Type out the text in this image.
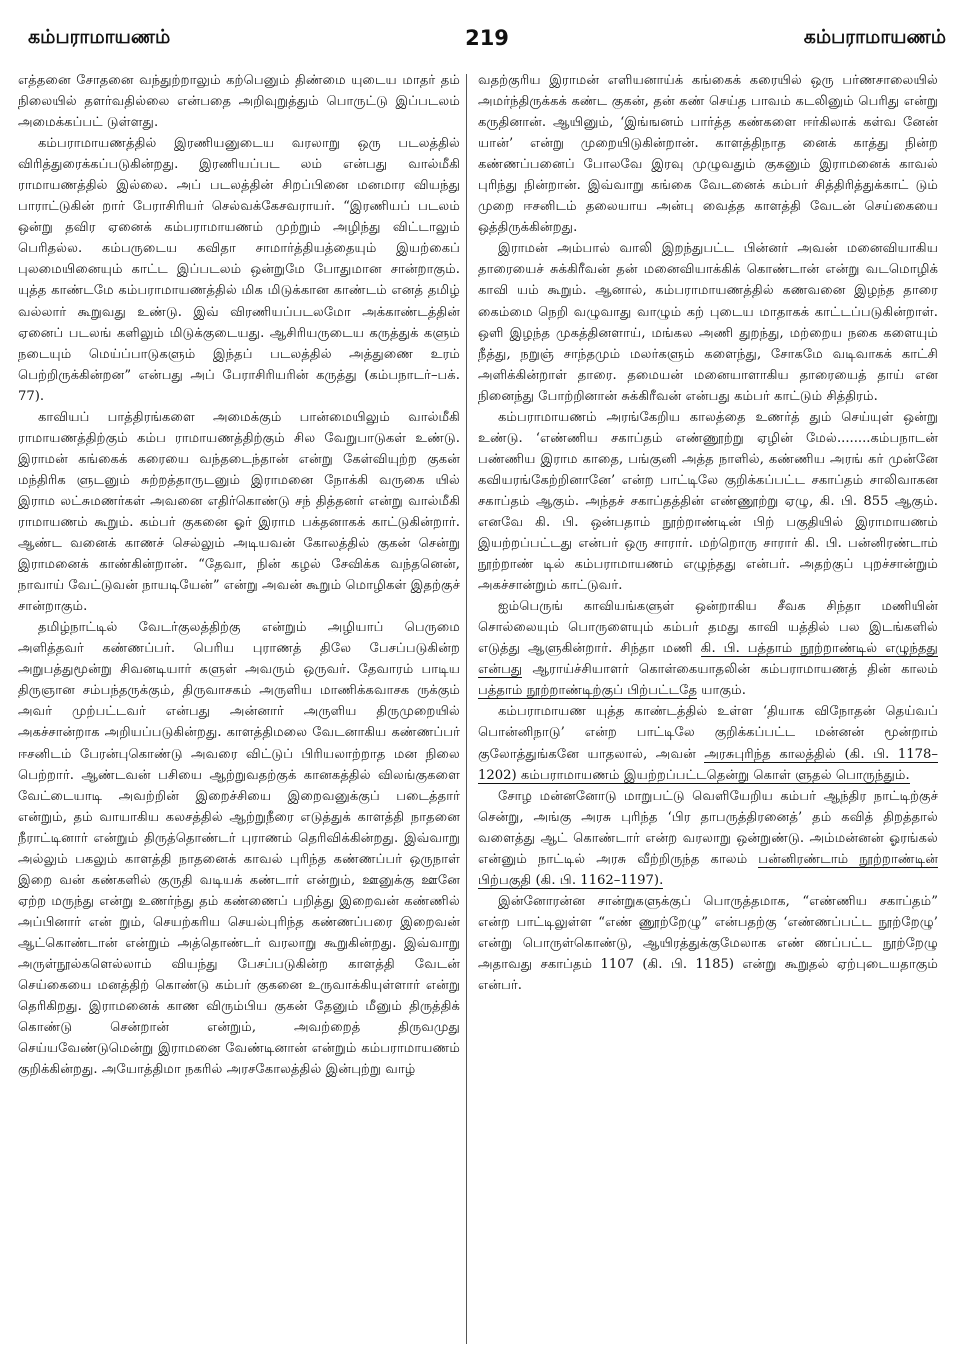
கம்பராமாயணம்	219	கம்பராமாயணம்

எத்தனை சோதனை வந்துற்றாலும் கற்பெனும் திண்மை யுடைய மாதர் தம் நிலையில் தளர்வதில்லை என்பதை அறிவுறுத்தும் பொருட்டு இப்படலம் அமைக்கப்பட் டுள்ளது.

கம்பராமாயணத்தில் இரணியனுடைய வரலாறு ஒரு படலத்தில் விரித்துரைக்கப்படுகின்றது. இரணியப்பட லம் என்பது வால்மீகி ராமாயணத்தில் இல்லை. அப் படலத்தின் சிறப்பினை மனமார வியந்து பாராட்டுகின் றார் பேராசிரியர் செல்வக்கேசவராயர். “இரணியப் படலம் ஒன்று தவிர ஏனைக் கம்பராமாயணம் முற்றும் அழிந்து விட்டாலும் பெரிதல்ல. கம்பருடைய கவிதா சாமார்த்தியத்தையும் இயற்கைப் புலமையினையும் காட்ட இப்படலம் ஒன்றுமே போதுமான சான்றாகும். யுத்த காண்டமே கம்பராமாயணத்தில் மிக மிடுக்கான காண்டம் எனத் தமிழ் வல்லார் கூறுவது உண்டு. இவ் விரணியப்படலமோ அக்காண்டத்தின் ஏனைப் படலங் களிலும் மிடுக்குடையது. ஆசிரியருடைய கருத்துக் களும் நடையும் மெய்ப்பாடுகளும் இந்தப் படலத்தில் அத்துணை உரம் பெற்றிருக்கின்றன” என்பது அப் பேராசிரியரின் கருத்து (கம்பநாடர்–பக். 77).

காவியப் பாத்திரங்களை அமைக்கும் பான்மையிலும் வால்மீகி ராமாயணத்திற்கும் கம்ப ராமாயணத்திற்கும் சில வேறுபாடுகள் உண்டு. இராமன் கங்கைக் கரையை வந்தடைந்தான் என்று கேள்வியுற்ற குகன் மந்திரிக ளுடனும் சுற்றத்தாருடனும் இராமனை நோக்கி வருகை யில் இராம லட்சுமணர்கள் அவனை எதிர்கொண்டு சந் தித்தனர் என்று வால்மீகி ராமாயணம் கூறும். கம்பர் குகனை ஓர் இராம பக்தனாகக் காட்டுகின்றார். ஆண்ட வனைக் காணச் செல்லும் அடியவன் கோலத்தில் குகன் சென்று இராமனைக் காண்கின்றான். “தேவா, நின் கழல் சேவிக்க வந்தனென், நாவாய் வேட்டுவன் நாயடியேன்” என்று அவன் கூறும் மொழிகள் இதற்குச் சான்றாகும்.

தமிழ்நாட்டில் வேடர்குலத்திற்கு என்றும் அழியாப் பெருமை அளித்தவர் கண்ணப்பர். பெரிய புராணத் திலே பேசப்படுகின்ற அறுபத்துமூன்று சிவனடியார் களுள் அவரும் ஒருவர். தேவாரம் பாடிய திருஞான சம்பந்தருக்கும், திருவாசகம் அருளிய மாணிக்கவாசக ருக்கும் அவர் முற்பட்டவர் என்பது அன்னார் அருளிய திருமுறையில் அகச்சான்றாக அறியப்படுகின்றது. காளத்திமலை வேடனாகிய கண்ணப்பர் ஈசனிடம் பேரன்புகொண்டு அவரை விட்டுப் பிரியலாற்றாத மன நிலை பெற்றார். ஆண்டவன் பசியை ஆற்றுவதற்குக் கானகத்தில் விலங்குகளை வேட்டையாடி அவற்றின் இறைச்சியை இறைவனுக்குப் படைத்தார் என்றும், தம் வாயாகிய கலசத்தில் ஆற்றுநீரை எடுத்துக் காளத்தி நாதனை நீராட்டினார் என்றும் திருத்தொண்டர் புராணம் தெரிவிக்கின்றது. இவ்வாறு அல்லும் பகலும் காளத்தி நாதனைக் காவல் புரிந்த கண்ணப்பர் ஒருநாள் இறை வன் கண்களில் குருதி வடியக் கண்டார் என்றும், ஊனுக்கு ஊனே ஏற்ற மருந்து என்று உணர்ந்து தம் கண்ணைப் பறித்து இறைவன் கண்ணில் அப்பினார் என் றும், செயற்கரிய செயல்புரிந்த கண்ணப்பரை இறைவன் ஆட்கொண்டான் என்றும் அத்தொண்டர் வரலாறு கூறுகின்றது. இவ்வாறு அருள்நூல்களெல்லாம் வியந்து பேசப்படுகின்ற காளத்தி வேடன் செய்கையை மனத்திற் கொண்டு கம்பர் குகனை உருவாக்கியுள்ளார் என்று தெரிகிறது. இராமனைக் காண விரும்பிய குகன் தேனும் மீனும் திருத்திக் கொண்டு சென்றான் என்றும், அவற்றைத் திருவமுது செய்யவேண்டுமென்று இராமனை வேண்டினான் என்றும் கம்பராமாயணம் குறிக்கின்றது. அயோத்திமா நகரில் அரசகோலத்தில் இன்புற்று வாழ்

வதற்குரிய இராமன் எளியனாய்க் கங்கைக் கரையில் ஒரு பர்ணசாலையில் அமர்ந்திருக்கக் கண்ட குகன், தன் கண் செய்த பாவம் கடலினும் பெரிது என்று கருதினான். ஆயினும், ‘இங்ஙனம் பார்த்த கண்களை ஈர்கிலாக் கள்வ னேன் யான்’ என்று முறையிடுகின்றான். காளத்திநாத னைக் காத்து நின்ற கண்ணப்பனைப் போலவே இரவு முழுவதும் குகனும் இராமனைக் காவல் புரிந்து நின்றான். இவ்வாறு கங்கை வேடனைக் கம்பர் சித்திரித்துக்காட் டும் முறை ஈசனிடம் தலையாய அன்பு வைத்த காளத்தி வேடன் செய்கையை ஒத்திருக்கின்றது.

இராமன் அம்பால் வாலி இறந்துபட்ட பின்னர் அவன் மனைவியாகிய தாரையைச் சுக்கிரீவன் தன் மனைவியாக்கிக் கொண்டான் என்று வடமொழிக் காவி யம் கூறும். ஆனால், கம்பராமாயணத்தில் கணவனை இழந்த தாரை கைம்மை நெறி வழுவாது வாழும் கற் புடைய மாதாகக் காட்டப்படுகின்றாள். ஒளி இழந்த முகத்தினளாய், மங்கல அணி துறந்து, மற்றைய நகை களையும் நீத்து, நறுஞ் சாந்தமும் மலர்களும் களைந்து, சோகமே வடிவாகக் காட்சி அளிக்கின்றாள் தாரை. தமையன் மனையாளாகிய தாரையைத் தாய் என நினைந்து போற்றினான் சுக்கிரீவன் என்பது கம்பர் காட்டும் சித்திரம்.

கம்பராமாயணம் அரங்கேறிய காலத்தை உணர்த் தும் செய்யுள் ஒன்று உண்டு. ‘எண்ணிய சகாப்தம் எண்ணூற்று ஏழின் மேல்........கம்பநாடன் பண்ணிய இராம காதை, பங்குனி அத்த நாளில், கண்ணிய அரங் கர் முன்னே கவியரங்கேற்றினானே’ என்ற பாட்டிலே குறிக்கப்பட்ட சகாப்தம் சாலிவாகன சகாப்தம் ஆகும். அந்தச் சகாப்தத்தின் எண்ணூற்று ஏழு, கி. பி. 855 ஆகும். எனவே கி. பி. ஒன்பதாம் நூற்றாண்டின் பிற் பகுதியில் இராமாயணம் இயற்றப்பட்டது என்பர் ஒரு சாரார். மற்றொரு சாரார் கி. பி. பன்னிரண்டாம் நூற்றாண் டில் கம்பராமாயணம் எழுந்தது என்பர். அதற்குப் புறச்சான்றும் அகச்சான்றும் காட்டுவர்.

ஐம்பெருங் காவியங்களுள் ஒன்றாகிய சீவக சிந்தா மணியின் சொல்லையும் பொருளையும் கம்பர் தமது காவி யத்தில் பல இடங்களில் எடுத்து ஆளுகின்றார். சிந்தா மணி கி. பி. பத்தாம் நூற்றாண்டில் எழுந்தது என்பது ஆராய்ச்சியாளர் கொள்கையாதலின் கம்பராமாயணத் தின் காலம் பத்தாம் நூற்றாண்டிற்குப் பிற்பட்டதே யாகும்.

கம்பராமாயண யுத்த காண்டத்தில் உள்ள ‘தியாக விநோதன் தெய்வப் பொன்னிநாடு’ என்ற பாட்டிலே குறிக்கப்பட்ட மன்னன் மூன்றாம் குலோத்துங்கனே யாதலால், அவன் அரசுபுரிந்த காலத்தில் (கி. பி. 1178–1202) கம்பராமாயணம் இயற்றப்பட்டதென்று கொள் ளுதல் பொருந்தும்.

சோழ மன்னனோடு மாறுபட்டு வெளியேறிய கம்பர் ஆந்திர நாட்டிற்குச் சென்று, அங்கு அரசு புரிந்த ‘பிர தாபருத்திரனைத்’ தம் கவித் திறத்தால் வளைத்து ஆட் கொண்டார் என்ற வரலாறு ஒன்றுண்டு. அம்மன்னன் ஓரங்கல் என்னும் நாட்டில் அரசு வீற்றிருந்த காலம் பன்னிரண்டாம் நூற்றாண்டின் பிற்பகுதி (கி. பி. 1162–1197).

இன்னோரன்ன சான்றுகளுக்குப் பொருத்தமாக, “எண்ணிய சகாப்தம்” என்ற பாட்டிலுள்ள “எண் ணூற்றேழு” என்பதற்கு ‘எண்ணப்பட்ட நூற்றேழு’ என்று பொருள்கொண்டு, ஆயிரத்துக்குமேலாக எண் ணப்பட்ட நூற்றேழு அதாவது சகாப்தம் 1107 (கி. பி. 1185) என்று கூறுதல் ஏற்புடையதாகும் என்பர்.
